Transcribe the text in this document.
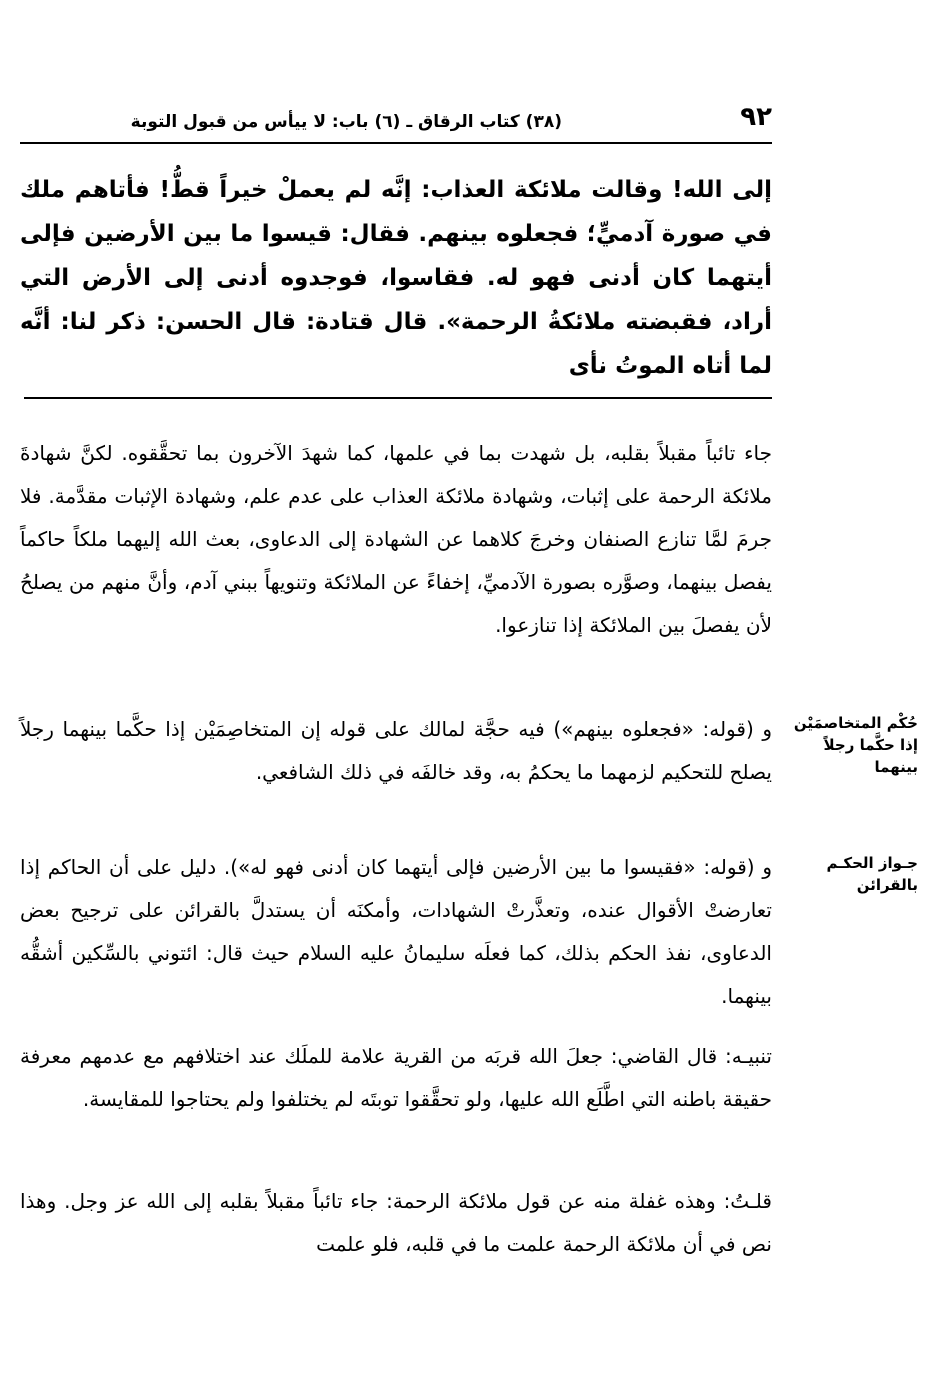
٩٢
(٣٨) كتاب الرقاق ـ (٦) باب: لا ييأس من قبول التوبة
إلى الله! وقالت ملائكة العذاب: إنَّه لم يعملْ خيراً قطُّ! فأتاهم ملك في صورة آدميٍّ؛ فجعلوه بينهم. فقال: قيسوا ما بين الأرضين فإلى أيتهما كان أدنى فهو له. فقاسوا، فوجدوه أدنى إلى الأرض التي أراد، فقبضته ملائكةُ الرحمة». قال قتادة: قال الحسن: ذكر لنا: أنَّه لما أتاه الموتُ نأى
جاء تائباً مقبلاً بقلبه، بل شهدت بما في علمها، كما شهدَ الآخرون بما تحقَّقوه. لكنَّ شهادةَ ملائكة الرحمة على إثبات، وشهادة ملائكة العذاب على عدم علم، وشهادة الإثبات مقدَّمة. فلا جرمَ لمَّا تنازع الصنفان وخرجَ كلاهما عن الشهادة إلى الدعاوى، بعث الله إليهما ملكاً حاكماً يفصل بينهما، وصوَّره بصورة الآدميِّ، إخفاءً عن الملائكة وتنويهاً ببني آدم، وأنَّ منهم من يصلحُ لأن يفصلَ بين الملائكة إذا تنازعوا.
و (قوله: «فجعلوه بينهم») فيه حجَّة لمالك على قوله إن المتخاصِمَيْن إذا حكَّما بينهما رجلاً يصلح للتحكيم لزمهما ما يحكمُ به، وقد خالفَه في ذلك الشافعي.
و (قوله: «فقيسوا ما بين الأرضين فإلى أيتهما كان أدنى فهو له»). دليل على أن الحاكم إذا تعارضتْ الأقوال عنده، وتعذَّرتْ الشهادات، وأمكنَه أن يستدلَّ بالقرائن على ترجيح بعض الدعاوى، نفذ الحكم بذلك، كما فعلَه سليمانُ عليه السلام حيث قال: ائتوني بالسِّكين أشقُّه بينهما.
تنبيـه: قال القاضي: جعلَ الله قربَه من القرية علامة للملَك عند اختلافهم مع عدمهم معرفة حقيقة باطنه التي اطَّلَع الله عليها، ولو تحقَّقوا توبتَه لم يختلفوا ولم يحتاجوا للمقايسة.
قلـتُ: وهذه غفلة منه عن قول ملائكة الرحمة: جاء تائباً مقبلاً بقلبه إلى الله عز وجل. وهذا نص في أن ملائكة الرحمة علمت ما في قلبه، فلو علمت
حُكْم المتخاصمَيْن إذا حكَّما رجلاً بينهما
جـواز الحكـم بالقرائن
